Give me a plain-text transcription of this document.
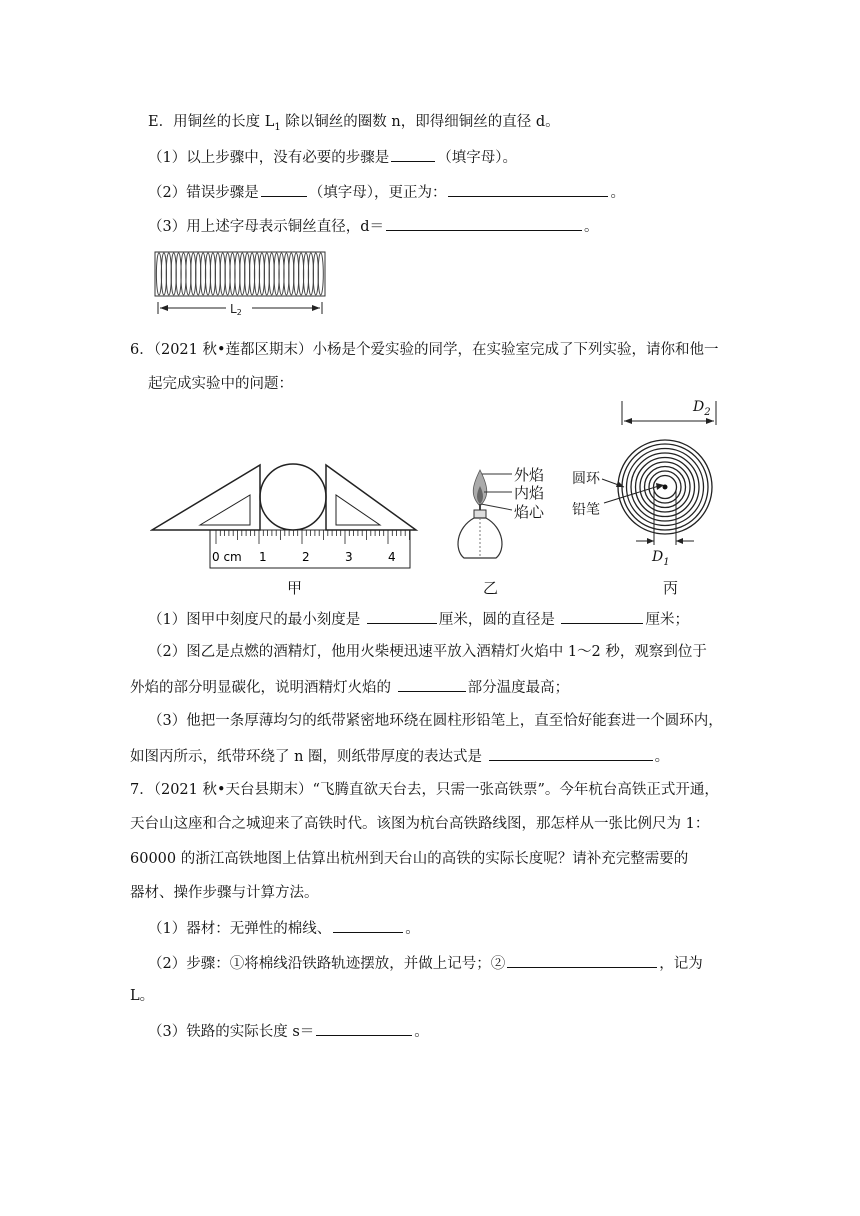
E．用铜丝的长度 $L_1$ 除以铜丝的圈数 n，即得细铜丝的直径 d。
（1）以上步骤中，没有必要的步骤是	（填字母）。
（2）错误步骤是	（填字母），更正为：	。
（3）用上述字母表示铜丝直径，d＝	。
L2
6．（2021 秋•莲都区期末）小杨是个爱实验的同学，在实验室完成了下列实验，请你和他一
起完成实验中的问题：
0 cm 1	2	3	4
甲
外焰
内焰
焰心
乙
$D_2$
$D_1$
圆环
铅笔
丙
（1）图甲中刻度尺的最小刻度是	厘米，圆的直径是	厘米；
（2）图乙是点燃的酒精灯，他用火柴梗迅速平放入酒精灯火焰中 1～2 秒，观察到位于
外焰的部分明显碳化，说明酒精灯火焰的	部分温度最高；
（3）他把一条厚薄均匀的纸带紧密地环绕在圆柱形铅笔上，直至恰好能套进一个圆环内，
如图丙所示，纸带环绕了 n 圈，则纸带厚度的表达式是	。
7．（2021 秋•天台县期末）“飞腾直欲天台去，只需一张高铁票”。今年杭台高铁正式开通，
天台山这座和合之城迎来了高铁时代。该图为杭台高铁路线图，那怎样从一张比例尺为 1：
60000 的浙江高铁地图上估算出杭州到天台山的高铁的实际长度呢？请补充完整需要的
器材、操作步骤与计算方法。
（1）器材：无弹性的棉线、	。
（2）步骤：①将棉线沿铁路轨迹摆放，并做上记号；②	，记为
L。
（3）铁路的实际长度 s＝	。
